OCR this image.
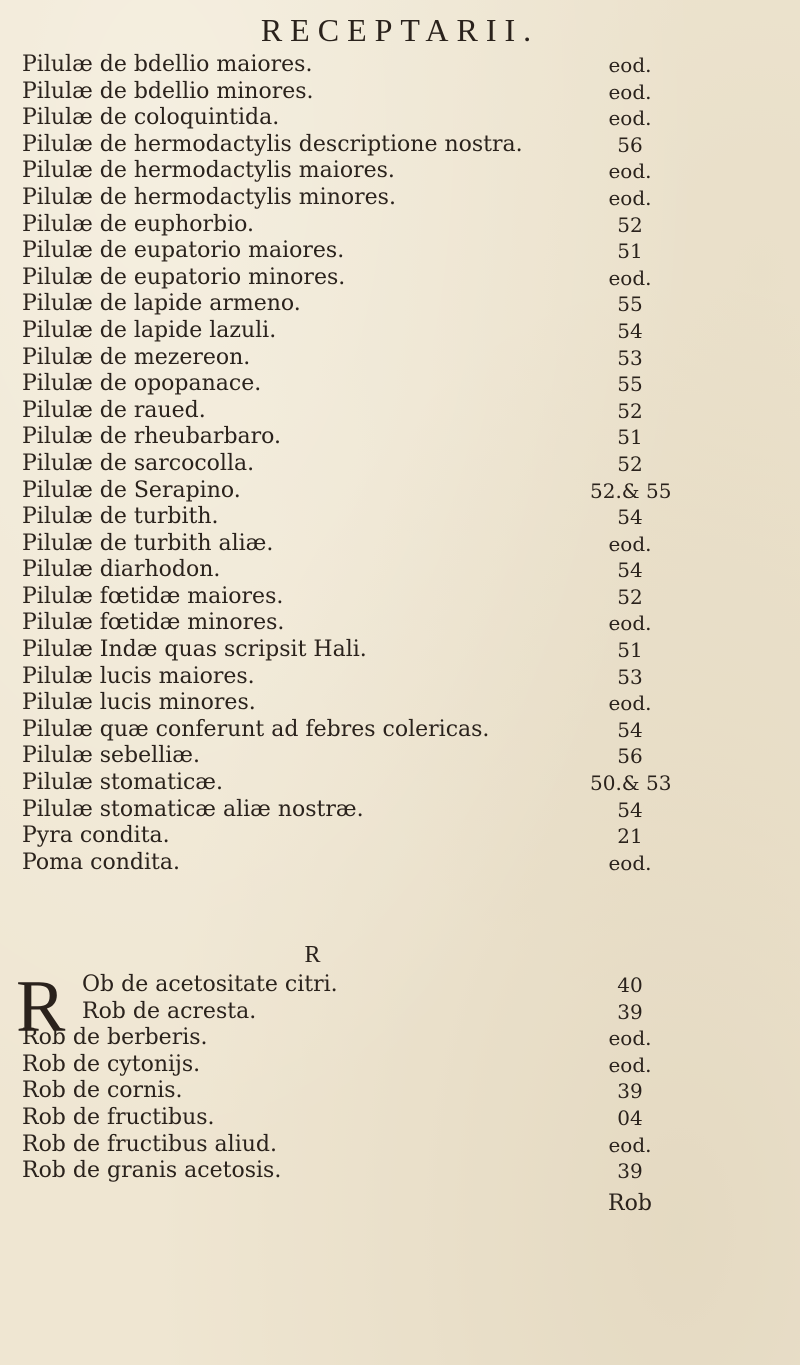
RECEPTARII.
Pilulæ de bdellio maiores.	eod.
Pilulæ de bdellio minores.	eod.
Pilulæ de coloquintida.	eod.
Pilulæ de hermodactylis descriptione nostra.	56
Pilulæ de hermodactylis maiores.	eod.
Pilulæ de hermodactylis minores.	eod.
Pilulæ de euphorbio.	52
Pilulæ de eupatorio maiores.	51
Pilulæ de eupatorio minores.	eod.
Pilulæ de lapide armeno.	55
Pilulæ de lapide lazuli.	54
Pilulæ de mezereon.	53
Pilulæ de opopanace.	55
Pilulæ de raued.	52
Pilulæ de rheubarbaro.	51
Pilulæ de sarcocolla.	52
Pilulæ de Serapino.	52.& 55
Pilulæ de turbith.	54
Pilulæ de turbith aliæ.	eod.
Pilulæ diarhodon.	54
Pilulæ fœtidæ maiores.	52
Pilulæ fœtidæ minores.	eod.
Pilulæ Indæ quas scripsit Hali.	51
Pilulæ lucis maiores.	53
Pilulæ lucis minores.	eod.
Pilulæ quæ conferunt ad febres colericas.	54
Pilulæ sebelliæ.	56
Pilulæ stomaticæ.	50.& 53
Pilulæ stomaticæ aliæ nostræ.	54
Pyra condita.	21
Poma condita.	eod.
R
R Ob de acetositate citri.	40
Rob de acresta.	39
Rob de berberis.	eod.
Rob de cytonijs.	eod.
Rob de cornis.	39
Rob de fructibus.	04
Rob de fructibus aliud.	eod.
Rob de granis acetosis.	39
Rob
